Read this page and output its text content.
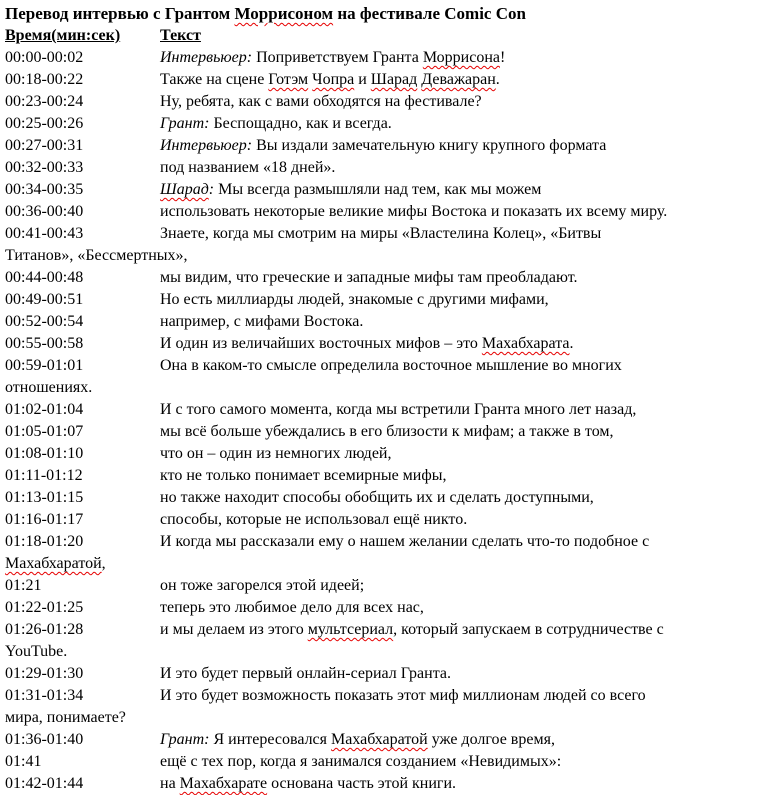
Перевод интервью с Грантом Моррисоном на фестивале Comic Con
Время(мин:сек) Текст
00:00-00:02	Интервьюер: Поприветствуем Гранта Моррисона!
00:18-00:22	Также на сцене Готэм Чопра и Шарад Деважаран.
00:23-00:24	Ну, ребята, как с вами обходятся на фестивале?
00:25-00:26	Грант: Беспощадно, как и всегда.
00:27-00:31	Интервьюер: Вы издали замечательную книгу крупного формата
00:32-00:33	под названием «18 дней».
00:34-00:35	Шарад: Мы всегда размышляли над тем, как мы можем
00:36-00:40	использовать некоторые великие мифы Востока и показать их всему миру.
00:41-00:43	Знаете, когда мы смотрим на миры «Властелина Колец», «Битвы
Титанов», «Бессмертных»,
00:44-00:48	мы видим, что греческие и западные мифы там преобладают.
00:49-00:51	Но есть миллиарды людей, знакомые с другими мифами,
00:52-00:54	например, с мифами Востока.
00:55-00:58	И один из величайших восточных мифов – это Махабхарата.
00:59-01:01	Она в каком-то смысле определила восточное мышление во многих
отношениях.
01:02-01:04	И с того самого момента, когда мы встретили Гранта много лет назад,
01:05-01:07	мы всё больше убеждались в его близости к мифам; а также в том,
01:08-01:10	что он – один из немногих людей,
01:11-01:12	кто не только понимает всемирные мифы,
01:13-01:15	но также находит способы обобщить их и сделать доступными,
01:16-01:17	способы, которые не использовал ещё никто.
01:18-01:20	И когда мы рассказали ему о нашем желании сделать что-то подобное с
Махабхаратой,
01:21	он тоже загорелся этой идеей;
01:22-01:25	теперь это любимое дело для всех нас,
01:26-01:28	и мы делаем из этого мультсериал, который запускаем в сотрудничестве с
YouTube.
01:29-01:30	И это будет первый онлайн-сериал Гранта.
01:31-01:34	И это будет возможность показать этот миф миллионам людей со всего
мира, понимаете?
01:36-01:40	Грант: Я интересовался Махабхаратой уже долгое время,
01:41	ещё с тех пор, когда я занимался созданием «Невидимых»:
01:42-01:44	на Махабхарате основана часть этой книги.
